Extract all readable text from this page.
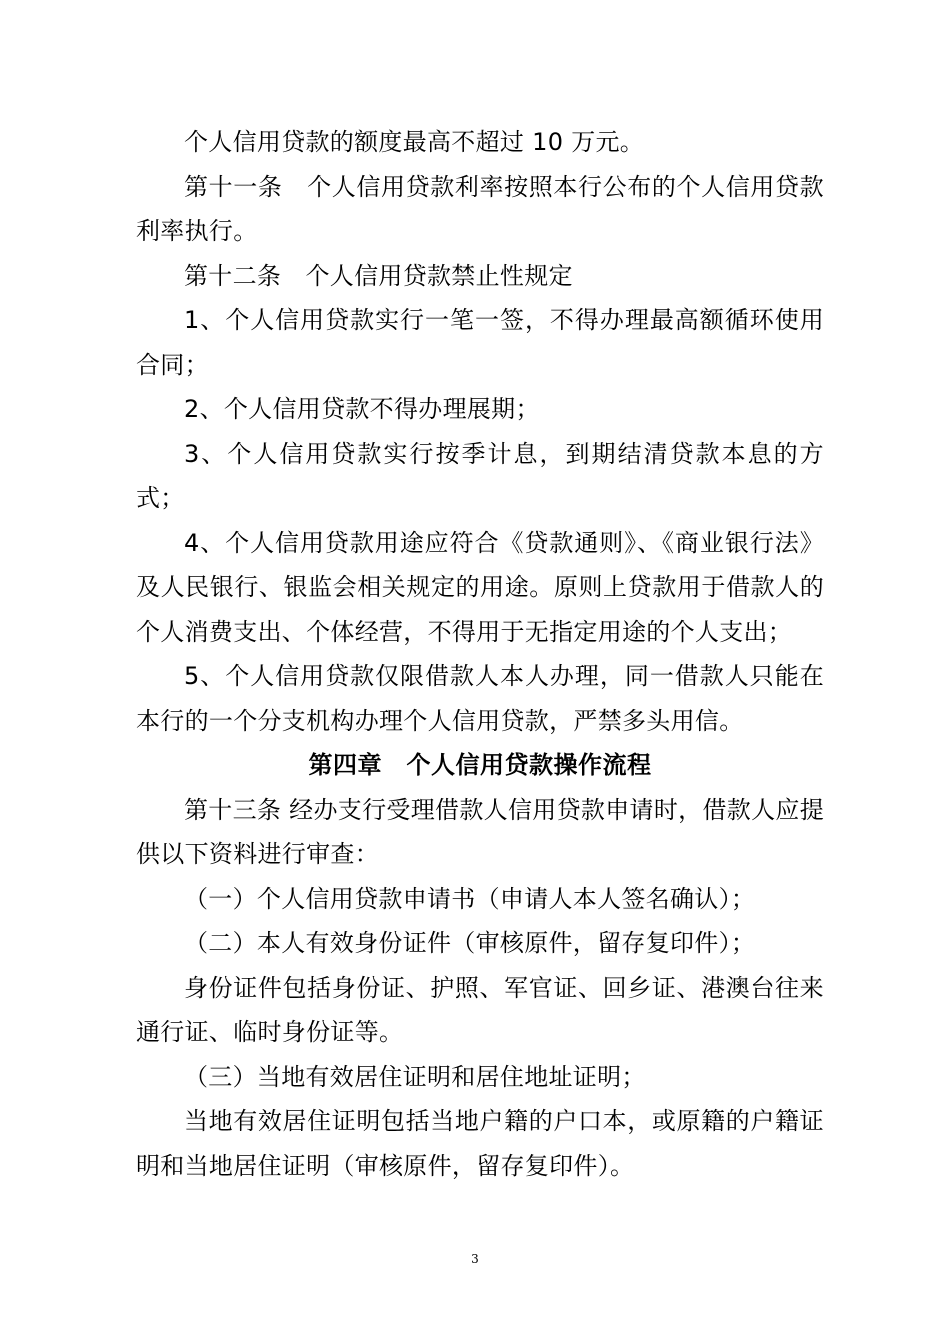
个人信用贷款的额度最高不超过 10 万元。

第十一条　个人信用贷款利率按照本行公布的个人信用贷款利率执行。

第十二条　个人信用贷款禁止性规定

1、个人信用贷款实行一笔一签，不得办理最高额循环使用合同；

2、个人信用贷款不得办理展期；

3、个人信用贷款实行按季计息，到期结清贷款本息的方式；

4、个人信用贷款用途应符合《贷款通则》、《商业银行法》及人民银行、银监会相关规定的用途。原则上贷款用于借款人的个人消费支出、个体经营，不得用于无指定用途的个人支出；

5、个人信用贷款仅限借款人本人办理，同一借款人只能在本行的一个分支机构办理个人信用贷款，严禁多头用信。

第四章　个人信用贷款操作流程

第十三条 经办支行受理借款人信用贷款申请时，借款人应提供以下资料进行审查：

（一）个人信用贷款申请书（申请人本人签名确认）；

（二）本人有效身份证件（审核原件，留存复印件）；

身份证件包括身份证、护照、军官证、回乡证、港澳台往来通行证、临时身份证等。

（三）当地有效居住证明和居住地址证明；

当地有效居住证明包括当地户籍的户口本，或原籍的户籍证明和当地居住证明（审核原件，留存复印件）。

3
